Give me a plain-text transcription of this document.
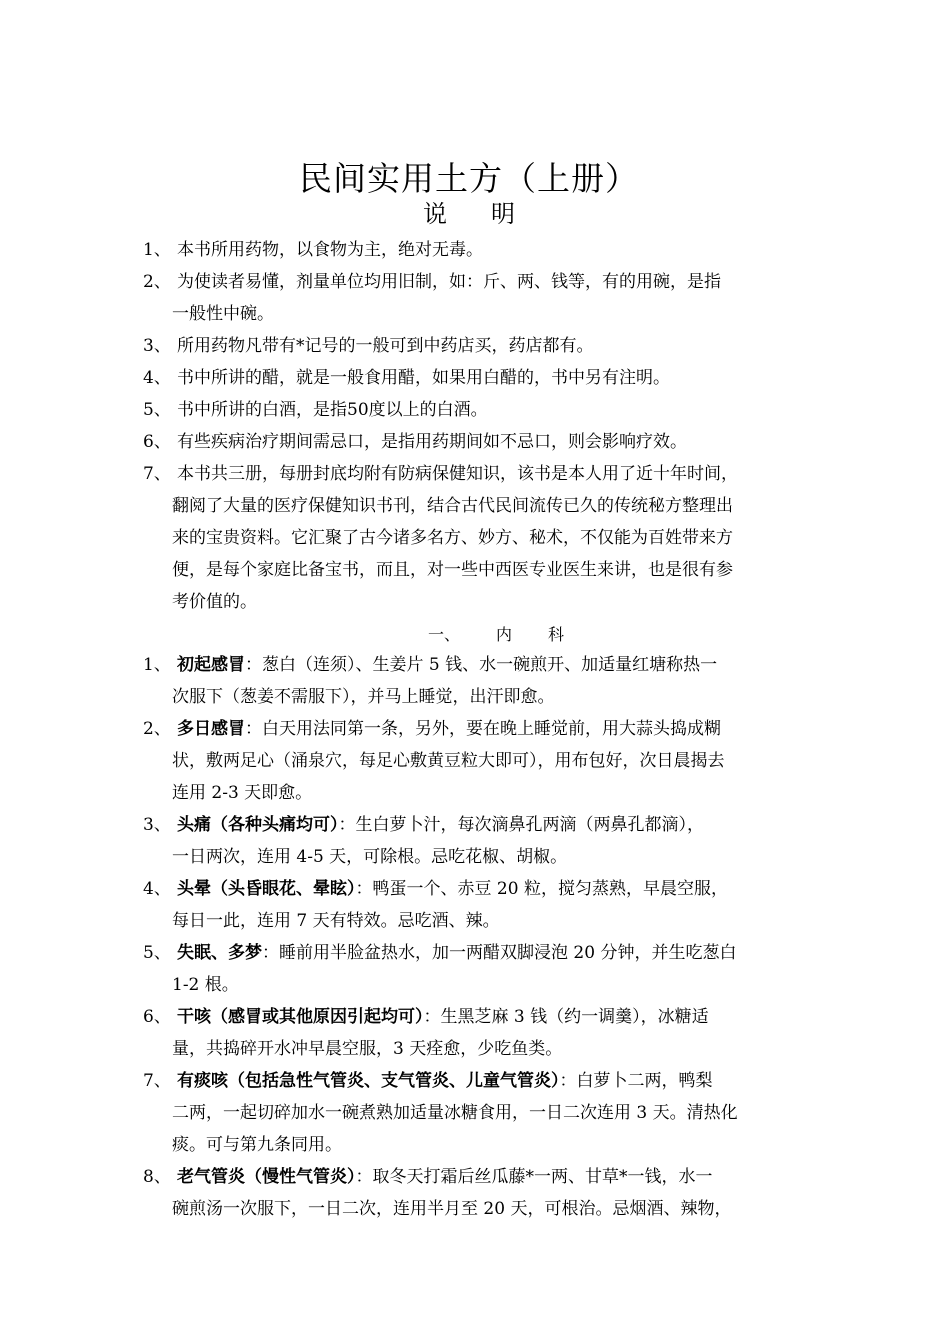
民间实用土方（上册）
说明
1、 本书所用药物，以食物为主，绝对无毒。
2、 为使读者易懂，剂量单位均用旧制，如：斤、两、钱等，有的用碗，是指
一般性中碗。
3、 所用药物凡带有*记号的一般可到中药店买，药店都有。
4、 书中所讲的醋，就是一般食用醋，如果用白醋的，书中另有注明。
5、 书中所讲的白酒，是指50度以上的白酒。
6、 有些疾病治疗期间需忌口，是指用药期间如不忌口，则会影响疗效。
7、 本书共三册，每册封底均附有防病保健知识，该书是本人用了近十年时间，
翻阅了大量的医疗保健知识书刊，结合古代民间流传已久的传统秘方整理出
来的宝贵资料。它汇聚了古今诸多名方、妙方、秘术，不仅能为百姓带来方
便，是每个家庭比备宝书，而且，对一些中西医专业医生来讲，也是很有参
考价值的。
一、 内 科
1、 初起感冒：葱白（连须）、生姜片 5 钱、水一碗煎开、加适量红塘称热一
次服下（葱姜不需服下），并马上睡觉，出汗即愈。
2、 多日感冒：白天用法同第一条，另外，要在晚上睡觉前，用大蒜头捣成糊
状，敷两足心（涌泉穴，每足心敷黄豆粒大即可），用布包好，次日晨揭去
连用 2-3 天即愈。
3、 头痛（各种头痛均可）：生白萝卜汁，每次滴鼻孔两滴（两鼻孔都滴），
一日两次，连用 4-5 天，可除根。忌吃花椒、胡椒。
4、 头晕（头昏眼花、晕眩）：鸭蛋一个、赤豆 20 粒，搅匀蒸熟，早晨空服，
每日一此，连用 7 天有特效。忌吃酒、辣。
5、 失眠、多梦：睡前用半脸盆热水，加一两醋双脚浸泡 20 分钟，并生吃葱白
1-2 根。
6、 干咳（感冒或其他原因引起均可）：生黑芝麻 3 钱（约一调羹），冰糖适
量，共捣碎开水冲早晨空服，3 天痊愈，少吃鱼类。
7、 有痰咳（包括急性气管炎、支气管炎、儿童气管炎）：白萝卜二两，鸭梨
二两，一起切碎加水一碗煮熟加适量冰糖食用，一日二次连用 3 天。清热化
痰。可与第九条同用。
8、 老气管炎（慢性气管炎）：取冬天打霜后丝瓜藤*一两、甘草*一钱，水一
碗煎汤一次服下，一日二次，连用半月至 20 天，可根治。忌烟酒、辣物，
